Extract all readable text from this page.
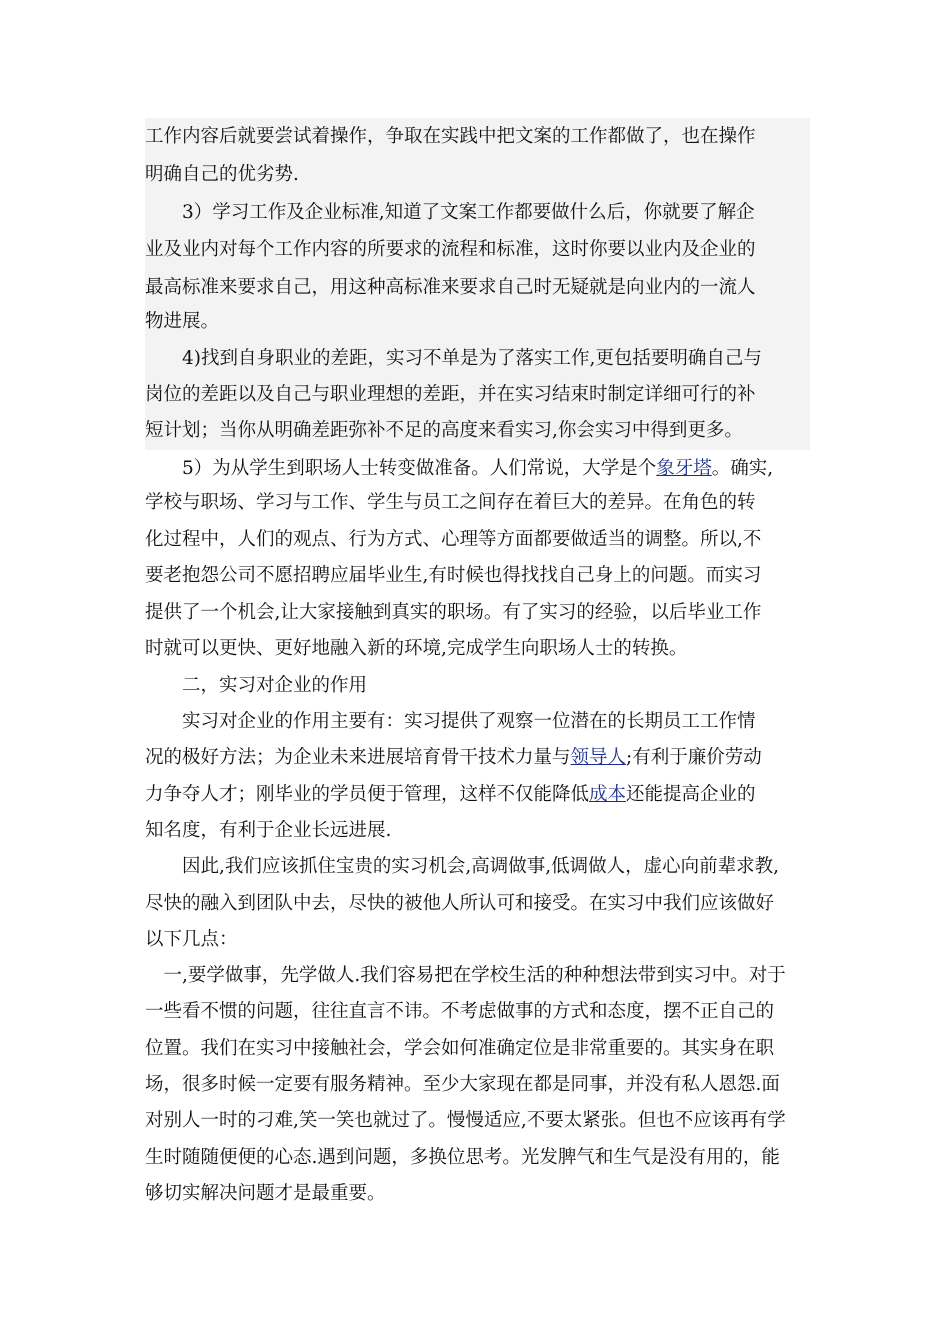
工作内容后就要尝试着操作，争取在实践中把文案的工作都做了，也在操作
明确自己的优劣势.
　　3）学习工作及企业标准,知道了文案工作都要做什么后，你就要了解企
业及业内对每个工作内容的所要求的流程和标准，这时你要以业内及企业的
最高标准来要求自己，用这种高标准来要求自己时无疑就是向业内的一流人
物进展。
　　4)找到自身职业的差距，实习不单是为了落实工作,更包括要明确自己与
岗位的差距以及自己与职业理想的差距，并在实习结束时制定详细可行的补
短计划；当你从明确差距弥补不足的高度来看实习,你会实习中得到更多。
　　5）为从学生到职场人士转变做准备。人们常说，大学是个象牙塔。确实,
学校与职场、学习与工作、学生与员工之间存在着巨大的差异。在角色的转
化过程中，人们的观点、行为方式、心理等方面都要做适当的调整。所以,不
要老抱怨公司不愿招聘应届毕业生,有时候也得找找自己身上的问题。而实习
提供了一个机会,让大家接触到真实的职场。有了实习的经验，以后毕业工作
时就可以更快、更好地融入新的环境,完成学生向职场人士的转换。
　　二，实习对企业的作用
　　实习对企业的作用主要有：实习提供了观察一位潜在的长期员工工作情
况的极好方法；为企业未来进展培育骨干技术力量与领导人;有利于廉价劳动
力争夺人才；刚毕业的学员便于管理，这样不仅能降低成本还能提高企业的
知名度，有利于企业长远进展.
　　因此,我们应该抓住宝贵的实习机会,高调做事,低调做人，虚心向前辈求教,
尽快的融入到团队中去，尽快的被他人所认可和接受。在实习中我们应该做好
以下几点：
　一,要学做事，先学做人.我们容易把在学校生活的种种想法带到实习中。对于
一些看不惯的问题，往往直言不讳。不考虑做事的方式和态度，摆不正自己的
位置。我们在实习中接触社会，学会如何准确定位是非常重要的。其实身在职
场，很多时候一定要有服务精神。至少大家现在都是同事，并没有私人恩怨.面
对别人一时的刁难,笑一笑也就过了。慢慢适应,不要太紧张。但也不应该再有学
生时随随便便的心态.遇到问题，多换位思考。光发脾气和生气是没有用的，能
够切实解决问题才是最重要。
